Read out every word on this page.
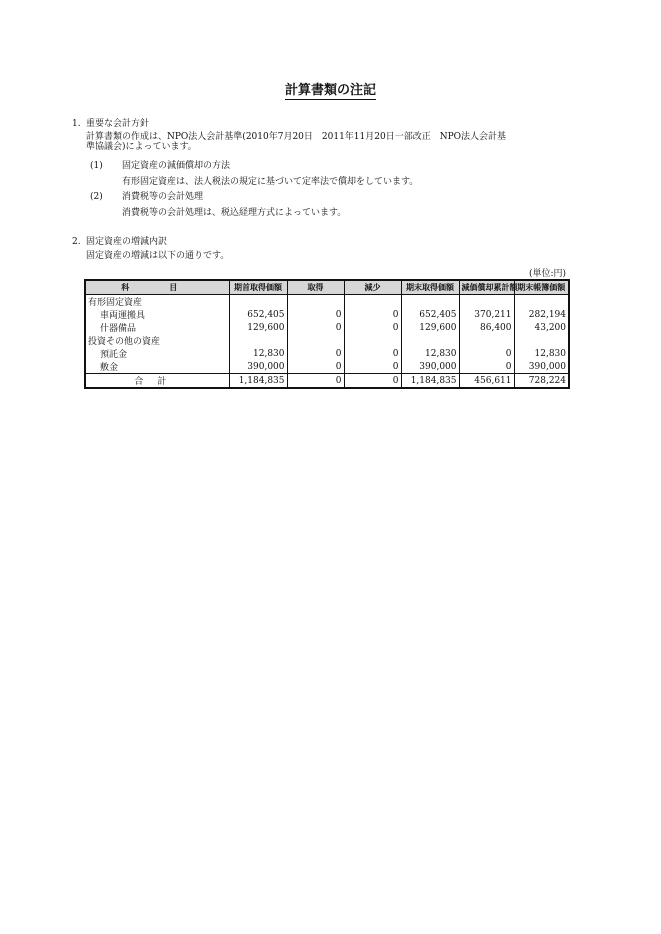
計算書類の注記
1. 重要な会計方針
計算書類の作成は、NPO法人会計基準(2010年7月20日　2011年11月20日一部改正　NPO法人会計基
準協議会)によっています。
(1) 固定資産の減価償却の方法
有形固定資産は、法人税法の規定に基づいて定率法で償却をしています。
(2) 消費税等の会計処理
消費税等の会計処理は、税込経理方式によっています。
2. 固定資産の増減内訳
固定資産の増減は以下の通りです。
(単位:円)
科　目	期首取得価額	取得	減少	期末取得価額	減価償却累計額	期末帳簿価額
有形固定資産						
車両運搬具	652,405	0	0	652,405	370,211	282,194
什器備品	129,600	0	0	129,600	86,400	43,200
投資その他の資産						
預託金	12,830	0	0	12,830	0	12,830
敷金	390,000	0	0	390,000	0	390,000
合計	1,184,835	0	0	1,184,835	456,611	728,224
